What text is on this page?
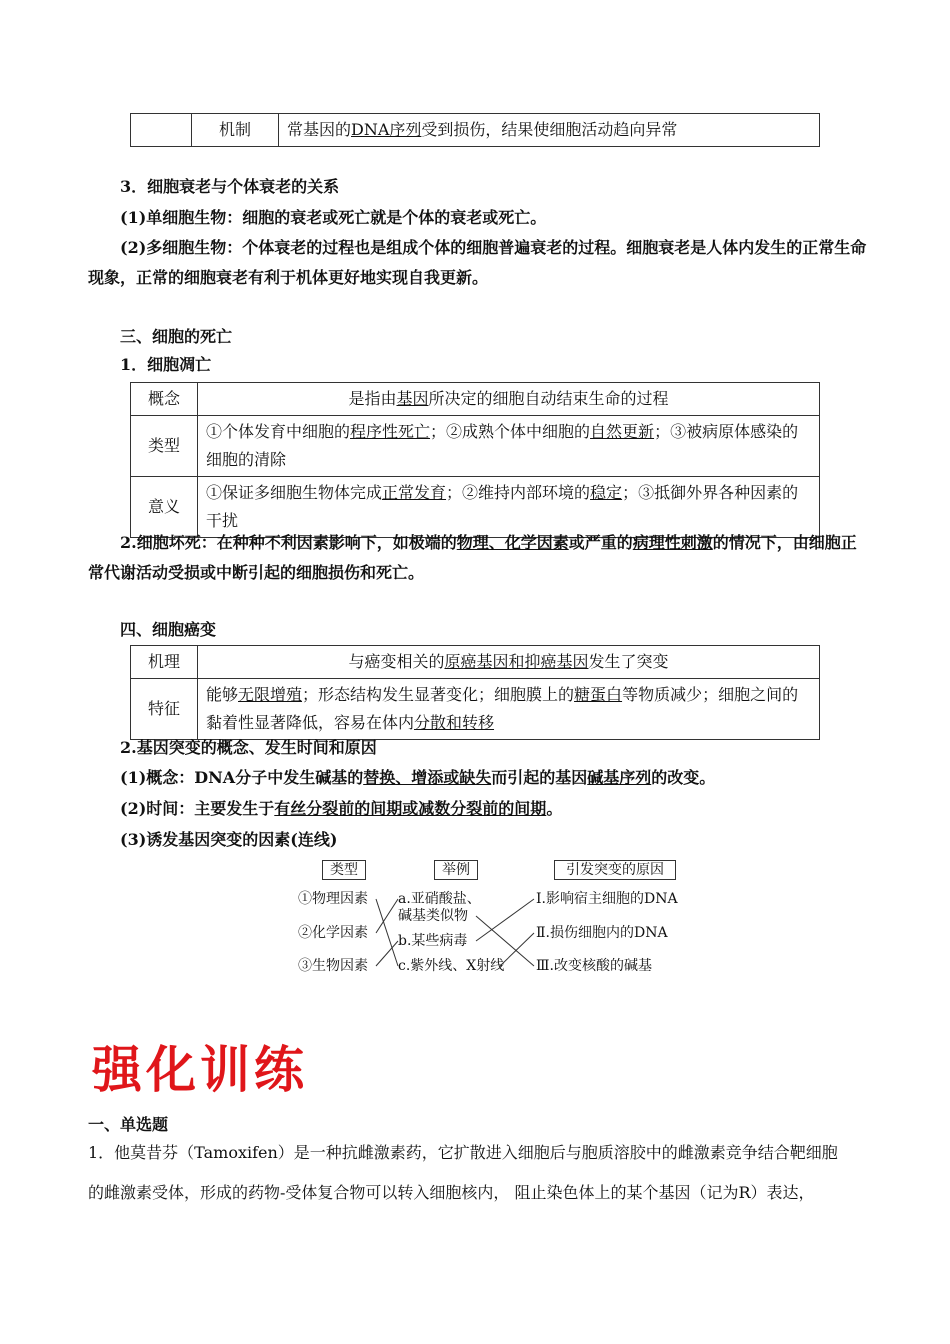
	机制	常基因的DNA序列受到损伤，结果使细胞活动趋向异常
3．细胞衰老与个体衰老的关系
(1)单细胞生物：细胞的衰老或死亡就是个体的衰老或死亡。
(2)多细胞生物：个体衰老的过程也是组成个体的细胞普遍衰老的过程。细胞衰老是人体内发生的正常生命现象，正常的细胞衰老有利于机体更好地实现自我更新。
三、细胞的死亡
1．细胞凋亡
概念	是指由基因所决定的细胞自动结束生命的过程
类型	①个体发育中细胞的程序性死亡；②成熟个体中细胞的自然更新；③被病原体感染的细胞的清除
意义	①保证多细胞生物体完成正常发育；②维持内部环境的稳定；③抵御外界各种因素的干扰
2.细胞坏死：在种种不利因素影响下，如极端的物理、化学因素或严重的病理性刺激的情况下，由细胞正常代谢活动受损或中断引起的细胞损伤和死亡。
四、细胞癌变
机理	与癌变相关的原癌基因和抑癌基因发生了突变
特征	能够无限增殖；形态结构发生显著变化；细胞膜上的糖蛋白等物质减少；细胞之间的黏着性显著降低，容易在体内分散和转移
2.基因突变的概念、发生时间和原因
(1)概念：DNA分子中发生碱基的替换、增添或缺失而引起的基因碱基序列的改变。
(2)时间：主要发生于有丝分裂前的间期或减数分裂前的间期。
(3)诱发基因突变的因素(连线)
类型	举例	引发突变的原因
①物理因素
②化学因素
③生物因素
a.亚硝酸盐、
碱基类似物
b.某些病毒
c.紫外线、X射线
Ⅰ.影响宿主细胞的DNA
Ⅱ.损伤细胞内的DNA
Ⅲ.改变核酸的碱基
强化训练
一、单选题
1．他莫昔芬（Tamoxifen）是一种抗雌激素药，它扩散进入细胞后与胞质溶胶中的雌激素竞争结合靶细胞
的雌激素受体，形成的药物-受体复合物可以转入细胞核内， 阻止染色体上的某个基因（记为R）表达，
